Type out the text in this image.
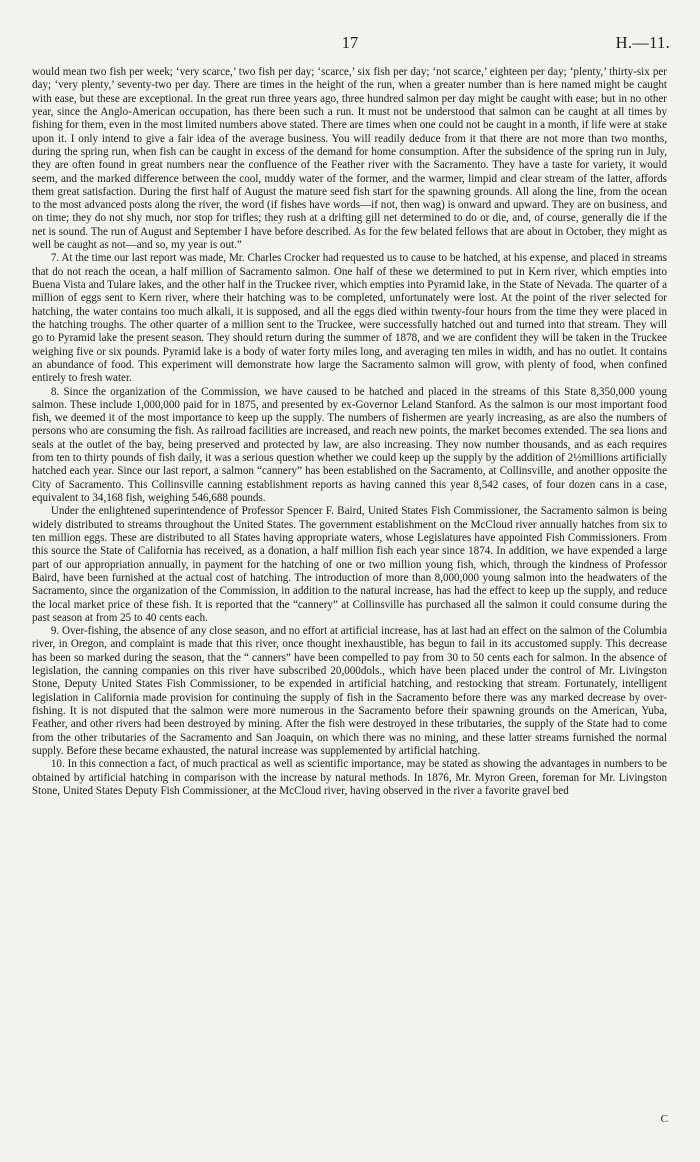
17	H.—11.

would mean two fish per week; ‘very scarce,’ two fish per day; ‘scarce,’ six fish per day; ‘not scarce,’ eighteen per day; ‘plenty,’ thirty-six per day; ‘very plenty,’ seventy-two per day. There are times in the height of the run, when a greater number than is here named might be caught with ease, but these are exceptional. In the great run three years ago, three hundred salmon per day might be caught with ease; but in no other year, since the Anglo-American occupation, has there been such a run. It must not be understood that salmon can be caught at all times by fishing for them, even in the most limited numbers above stated. There are times when one could not be caught in a month, if life were at stake upon it. I only intend to give a fair idea of the average business. You will readily deduce from it that there are not more than two months, during the spring run, when fish can be caught in excess of the demand for home consumption. After the subsidence of the spring run in July, they are often found in great numbers near the confluence of the Feather river with the Sacramento. They have a taste for variety, it would seem, and the marked difference between the cool, muddy water of the former, and the warmer, limpid and clear stream of the latter, affords them great satisfaction. During the first half of August the mature seed fish start for the spawning grounds. All along the line, from the ocean to the most advanced posts along the river, the word (if fishes have words—if not, then wag) is onward and upward. They are on business, and on time; they do not shy much, nor stop for trifles; they rush at a drifting gill net determined to do or die, and, of course, generally die if the net is sound. The run of August and September I have before described. As for the few belated fellows that are about in October, they might as well be caught as not—and so, my year is out.”

7. At the time our last report was made, Mr. Charles Crocker had requested us to cause to be hatched, at his expense, and placed in streams that do not reach the ocean, a half million of Sacramento salmon. One half of these we determined to put in Kern river, which empties into Buena Vista and Tulare lakes, and the other half in the Truckee river, which empties into Pyramid lake, in the State of Nevada. The quarter of a million of eggs sent to Kern river, where their hatching was to be completed, unfortunately were lost. At the point of the river selected for hatching, the water contains too much alkali, it is supposed, and all the eggs died within twenty-four hours from the time they were placed in the hatching troughs. The other quarter of a million sent to the Truckee, were successfully hatched out and turned into that stream. They will go to Pyramid lake the present season. They should return during the summer of 1878, and we are confident they will be taken in the Truckee weighing five or six pounds. Pyramid lake is a body of water forty miles long, and averaging ten miles in width, and has no outlet. It contains an abundance of food. This experiment will demonstrate how large the Sacramento salmon will grow, with plenty of food, when confined entirely to fresh water.

8. Since the organization of the Commission, we have caused to be hatched and placed in the streams of this State 8,350,000 young salmon. These include 1,000,000 paid for in 1875, and presented by ex-Governor Leland Stanford. As the salmon is our most important food fish, we deemed it of the most importance to keep up the supply. The numbers of fishermen are yearly increasing, as are also the numbers of persons who are consuming the fish. As railroad facilities are increased, and reach new points, the market becomes extended. The sea lions and seals at the outlet of the bay, being preserved and protected by law, are also increasing. They now number thousands, and as each requires from ten to thirty pounds of fish daily, it was a serious question whether we could keep up the supply by the addition of 2½millions artificially hatched each year. Since our last report, a salmon “cannery” has been established on the Sacramento, at Collinsville, and another opposite the City of Sacramento. This Collinsville canning establishment reports as having canned this year 8,542 cases, of four dozen cans in a case, equivalent to 34,168 fish, weighing 546,688 pounds.

Under the enlightened superintendence of Professor Spencer F. Baird, United States Fish Commissioner, the Sacramento salmon is being widely distributed to streams throughout the United States. The government establishment on the McCloud river annually hatches from six to ten million eggs. These are distributed to all States having appropriate waters, whose Legislatures have appointed Fish Commissioners. From this source the State of California has received, as a donation, a half million fish each year since 1874. In addition, we have expended a large part of our appropriation annually, in payment for the hatching of one or two million young fish, which, through the kindness of Professor Baird, have been furnished at the actual cost of hatching. The introduction of more than 8,000,000 young salmon into the headwaters of the Sacramento, since the organization of the Commission, in addition to the natural increase, has had the effect to keep up the supply, and reduce the local market price of these fish. It is reported that the “cannery” at Collinsville has purchased all the salmon it could consume during the past season at from 25 to 40 cents each.

9. Over-fishing, the absence of any close season, and no effort at artificial increase, has at last had an effect on the salmon of the Columbia river, in Oregon, and complaint is made that this river, once thought inexhaustible, has begun to fail in its accustomed supply. This decrease has been so marked during the season, that the “ canners” have been compelled to pay from 30 to 50 cents each for salmon. In the absence of legislation, the canning companies on this river have subscribed 20,000dols., which have been placed under the control of Mr. Livingston Stone, Deputy United States Fish Commissioner, to be expended in artificial hatching, and restocking that stream. Fortunately, intelligent legislation in California made provision for continuing the supply of fish in the Sacramento before there was any marked decrease by over-fishing. It is not disputed that the salmon were more numerous in the Sacramento before their spawning grounds on the American, Yuba, Feather, and other rivers had been destroyed by mining. After the fish were destroyed in these tributaries, the supply of the State had to come from the other tributaries of the Sacramento and San Joaquin, on which there was no mining, and these latter streams furnished the normal supply. Before these became exhausted, the natural increase was supplemented by artificial hatching.

10. In this connection a fact, of much practical as well as scientific importance, may be stated as showing the advantages in numbers to be obtained by artificial hatching in comparison with the increase by natural methods. In 1876, Mr. Myron Green, foreman for Mr. Livingston Stone, United States Deputy Fish Commissioner, at the McCloud river, having observed in the river a favorite gravel bed

C
